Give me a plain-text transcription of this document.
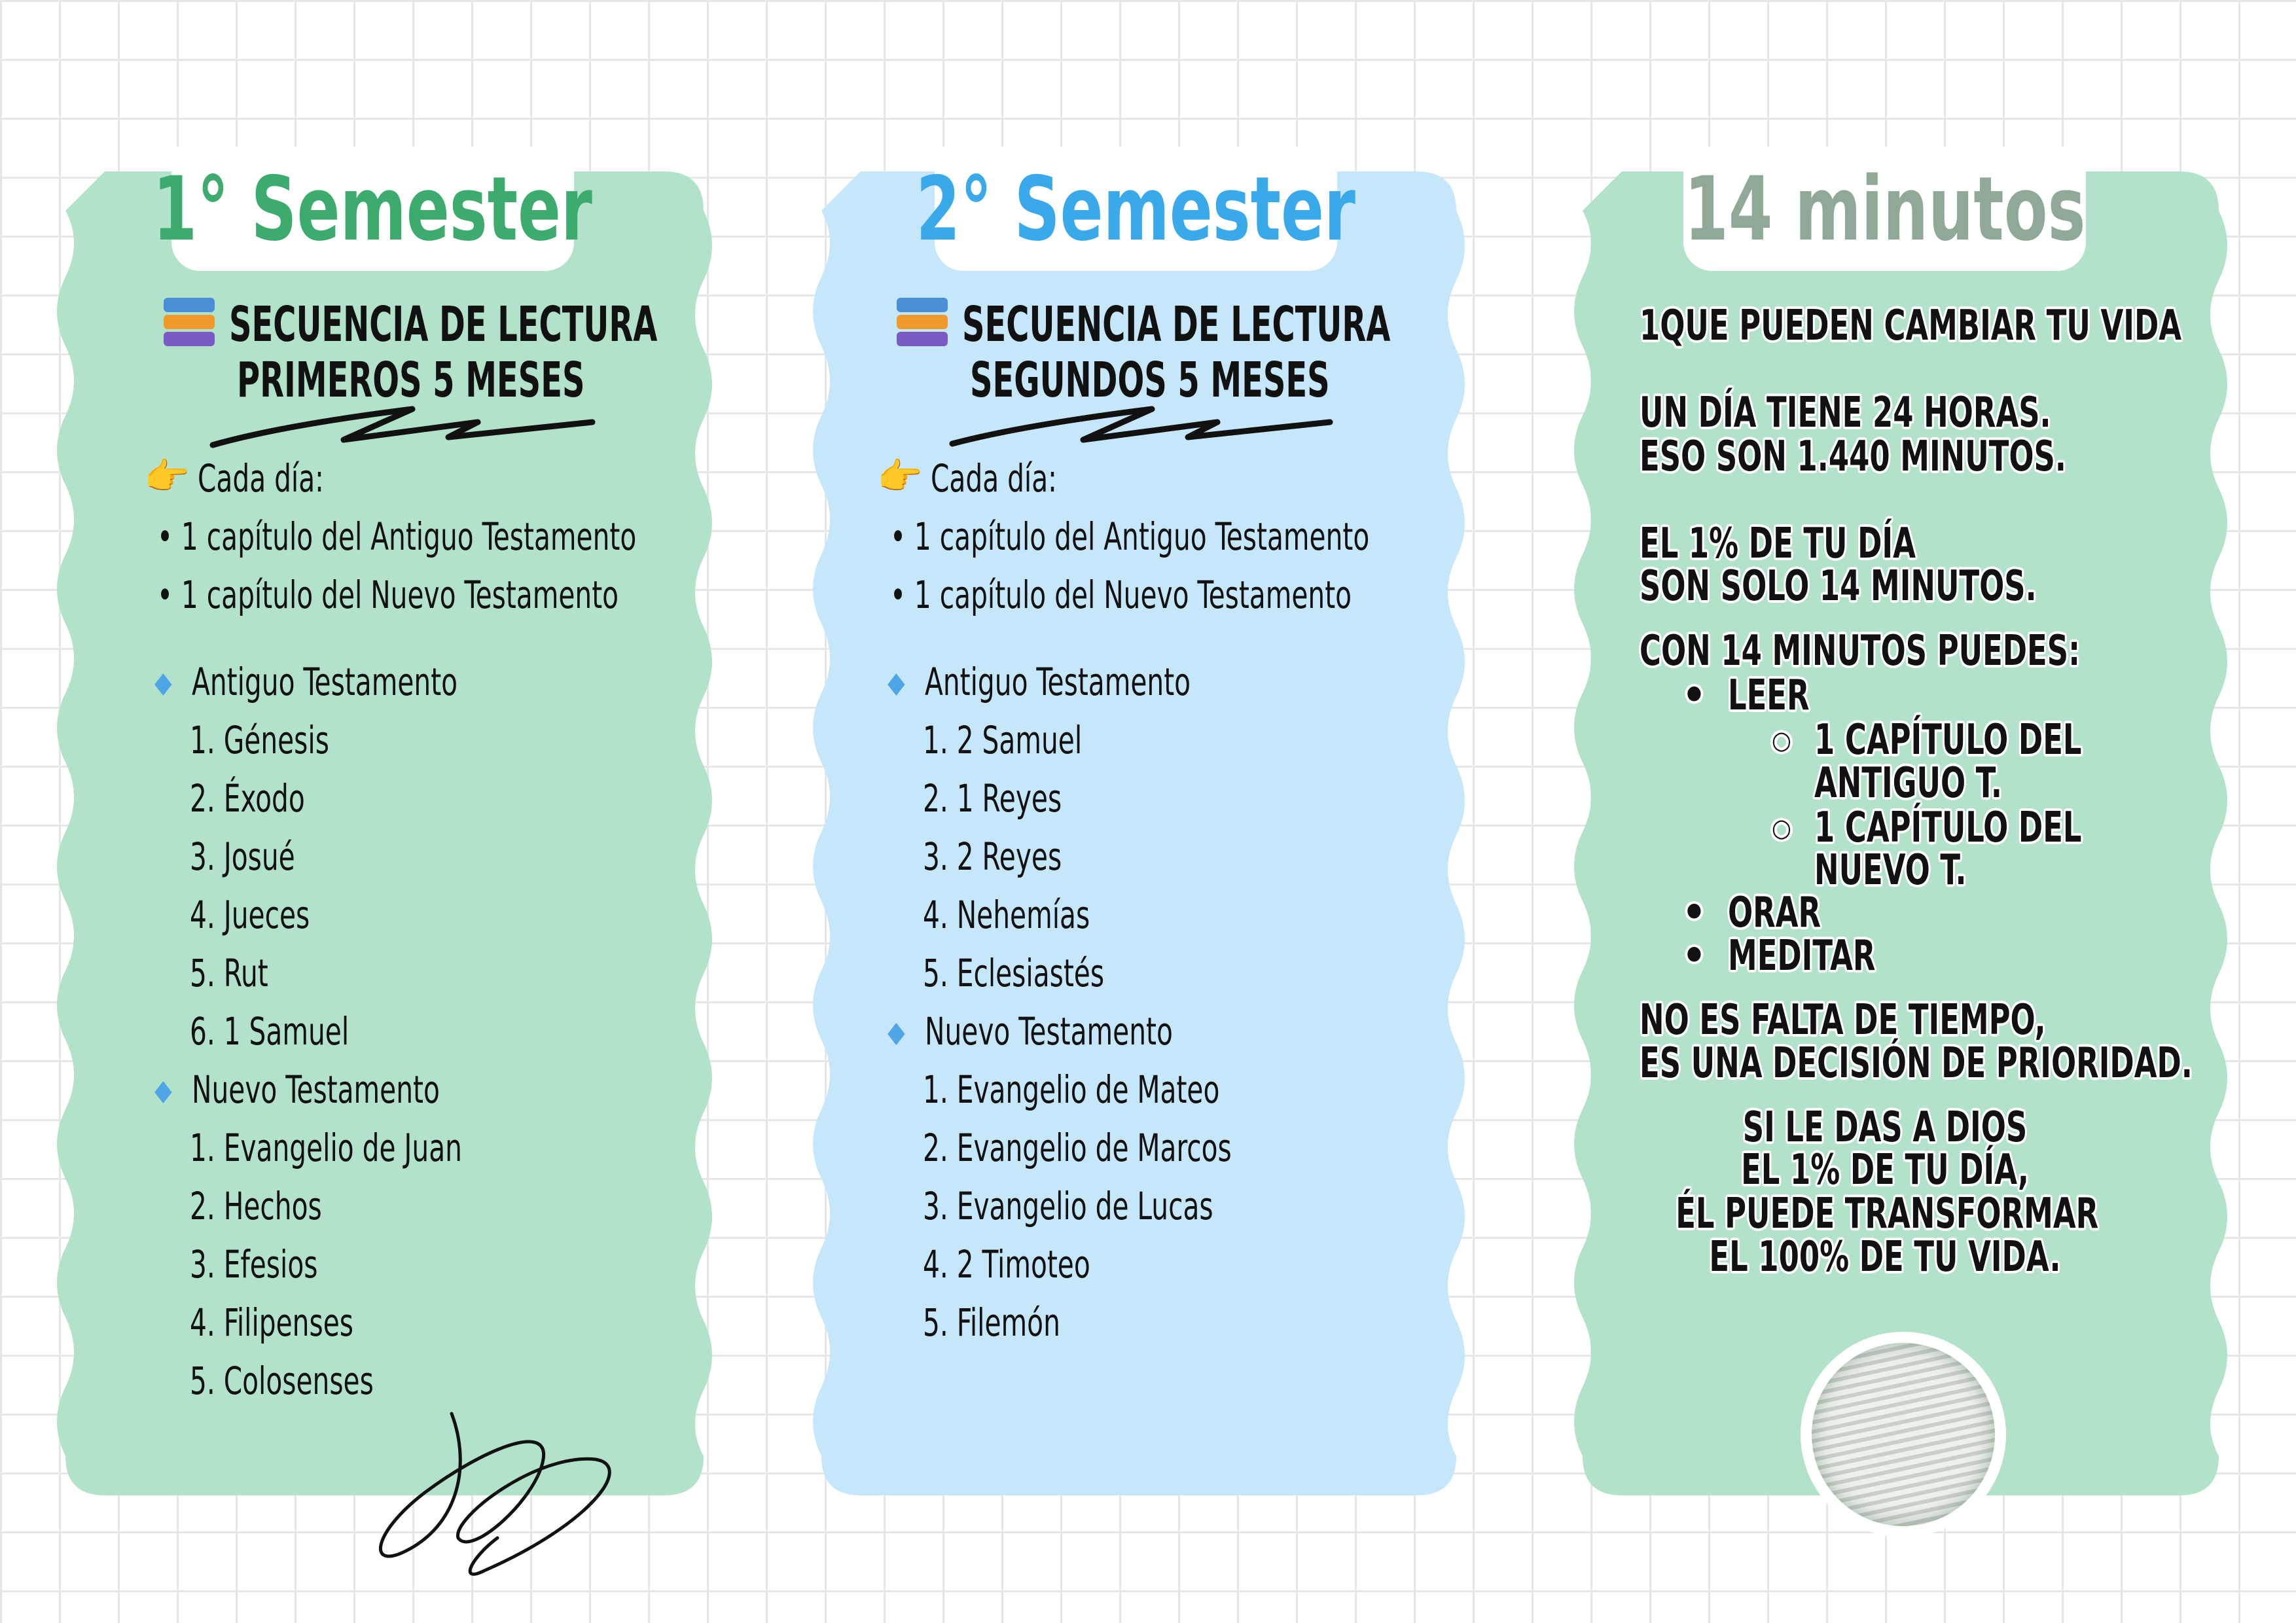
1° Semester	2° Semester	14 minutos
SECUENCIA DE LECTURA
PRIMEROS 5 MESES
👉 Cada día:
• 1 capítulo del Antiguo Testamento
• 1 capítulo del Nuevo Testamento
Antiguo Testamento
1. Génesis
2. Éxodo
3. Josué
4. Jueces
5. Rut
6. 1 Samuel
Nuevo Testamento
1. Evangelio de Juan
2. Hechos
3. Efesios
4. Filipenses
5. Colosenses
SECUENCIA DE LECTURA
SEGUNDOS 5 MESES
👉 Cada día:
• 1 capítulo del Antiguo Testamento
• 1 capítulo del Nuevo Testamento
Antiguo Testamento
1. 2 Samuel
2. 1 Reyes
3. 2 Reyes
4. Nehemías
5. Eclesiastés
Nuevo Testamento
1. Evangelio de Mateo
2. Evangelio de Marcos
3. Evangelio de Lucas
4. 2 Timoteo
5. Filemón
1QUE PUEDEN CAMBIAR TU VIDA
UN DÍA TIENE 24 HORAS.
ESO SON 1.440 MINUTOS.
EL 1% DE TU DÍA
SON SOLO 14 MINUTOS.
CON 14 MINUTOS PUEDES:
LEER
•
1 CAPÍTULO DEL
○
ANTIGUO T.
1 CAPÍTULO DEL
○
NUEVO T.
ORAR
•
MEDITAR
•
NO ES FALTA DE TIEMPO,
ES UNA DECISIÓN DE PRIORIDAD.
SI LE DAS A DIOS
EL 1% DE TU DÍA,
ÉL PUEDE TRANSFORMAR
EL 100% DE TU VIDA.
